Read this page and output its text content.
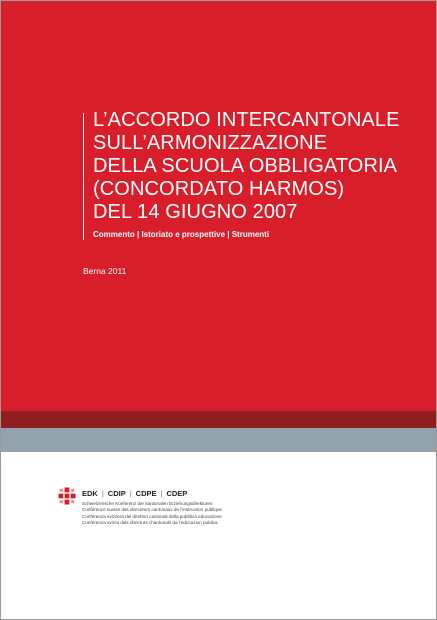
L’ACCORDO INTERCANTONALE
SULL’ARMONIZZAZIONE
DELLA SCUOLA OBBLIGATORIA
(CONCORDATO HARMOS)
DEL 14 GIUGNO 2007
Commento | Istoriato e prospettive | Strumenti
Berna 2011
EDK | CDIP | CDPE | CDEP
Schweizerische Konferenz der kantonalen Erziehungsdirektoren
Conférence suisse des directeurs cantonaux de l’instruction publique
Conferenza svizzera dei direttori cantonali della pubblica educazione
Conferenza svizra dals directurs chantunals da l’educaziun publica
